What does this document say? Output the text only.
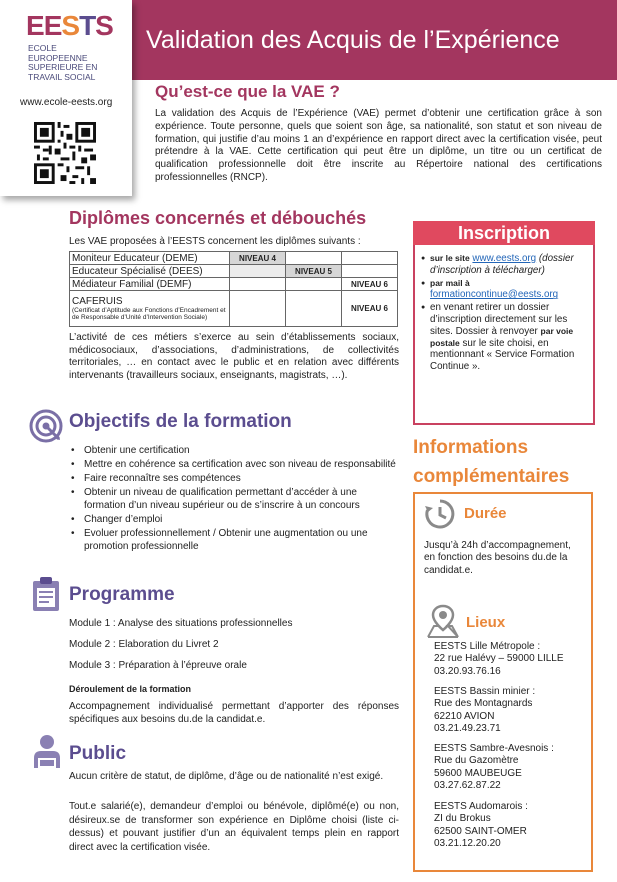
Validation des Acquis de l’Expérience
EESTS
ECOLE
EUROPEENNE
SUPERIEURE EN
TRAVAIL SOCIAL
www.ecole-eests.org
Qu’est-ce que la VAE ?
La validation des Acquis de l’Expérience (VAE) permet d’obtenir une certification grâce à son expérience. Toute personne, quels que soient son âge, sa nationalité, son statut et son niveau de formation, qui justifie d’au moins 1 an d’expérience en rapport direct avec la certification visée, peut prétendre à la VAE. Cette certification qui peut être un diplôme, un titre ou un certificat de qualification professionnelle doit être inscrite au Répertoire national des certifications professionnelles (RNCP).
Diplômes concernés et débouchés
Les VAE proposées à l’EESTS concernent les diplômes suivants :
Moniteur Educateur (DEME)	NIVEAU 4		
Educateur Spécialisé (DEES)		NIVEAU 5	
Médiateur Familial (DEMF)			NIVEAU 6
CAFERUIS
(Certificat d’Aptitude aux Fonctions d’Encadrement et de Responsable d’Unité d’Intervention Sociale)			NIVEAU 6
L’activité de ces métiers s’exerce au sein d’établissements sociaux, médicosociaux, d’associations, d’administrations, de collectivités territoriales, … en contact avec le public et en relation avec différents intervenants (travailleurs sociaux, enseignants, magistrats, …).
Objectifs de la formation
• Obtenir une certification
• Mettre en cohérence sa certification avec son niveau de responsabilité
• Faire reconnaître ses compétences
• Obtenir un niveau de qualification permettant d’accéder à une formation d’un niveau supérieur ou de s’inscrire à un concours
• Changer d’emploi
• Evoluer professionnellement / Obtenir une augmentation ou une promotion professionnelle
Programme
Module 1 : Analyse des situations professionnelles
Module 2 : Elaboration du Livret 2
Module 3 : Préparation à l’épreuve orale
Déroulement de la formation
Accompagnement individualisé permettant d’apporter des réponses spécifiques aux besoins du.de la candidat.e.
Public
Aucun critère de statut, de diplôme, d’âge ou de nationalité n’est exigé.
Tout.e salarié(e), demandeur d’emploi ou bénévole, diplômé(e) ou non, désireux.se de transformer son expérience en Diplôme choisi (liste ci-dessus) et pouvant justifier d’un an équivalent temps plein en rapport direct avec la certification visée.
Inscription
● sur le site www.eests.org (dossier d’inscription à télécharger)
● par mail à formationcontinue@eests.org
● en venant retirer un dossier d’inscription directement sur les sites. Dossier à renvoyer par voie postale sur le site choisi, en mentionnant « Service Formation Continue ».
Informations
complémentaires
Durée
Jusqu’à 24h d’accompagnement, en fonction des besoins du.de la candidat.e.
Lieux
EESTS Lille Métropole :
22 rue Halévy – 59000 LILLE
03.20.93.76.16
EESTS Bassin minier :
Rue des Montagnards
62210 AVION
03.21.49.23.71
EESTS Sambre-Avesnois :
Rue du Gazomètre
59600 MAUBEUGE
03.27.62.87.22
EESTS Audomarois :
ZI du Brokus
62500 SAINT-OMER
03.21.12.20.20
